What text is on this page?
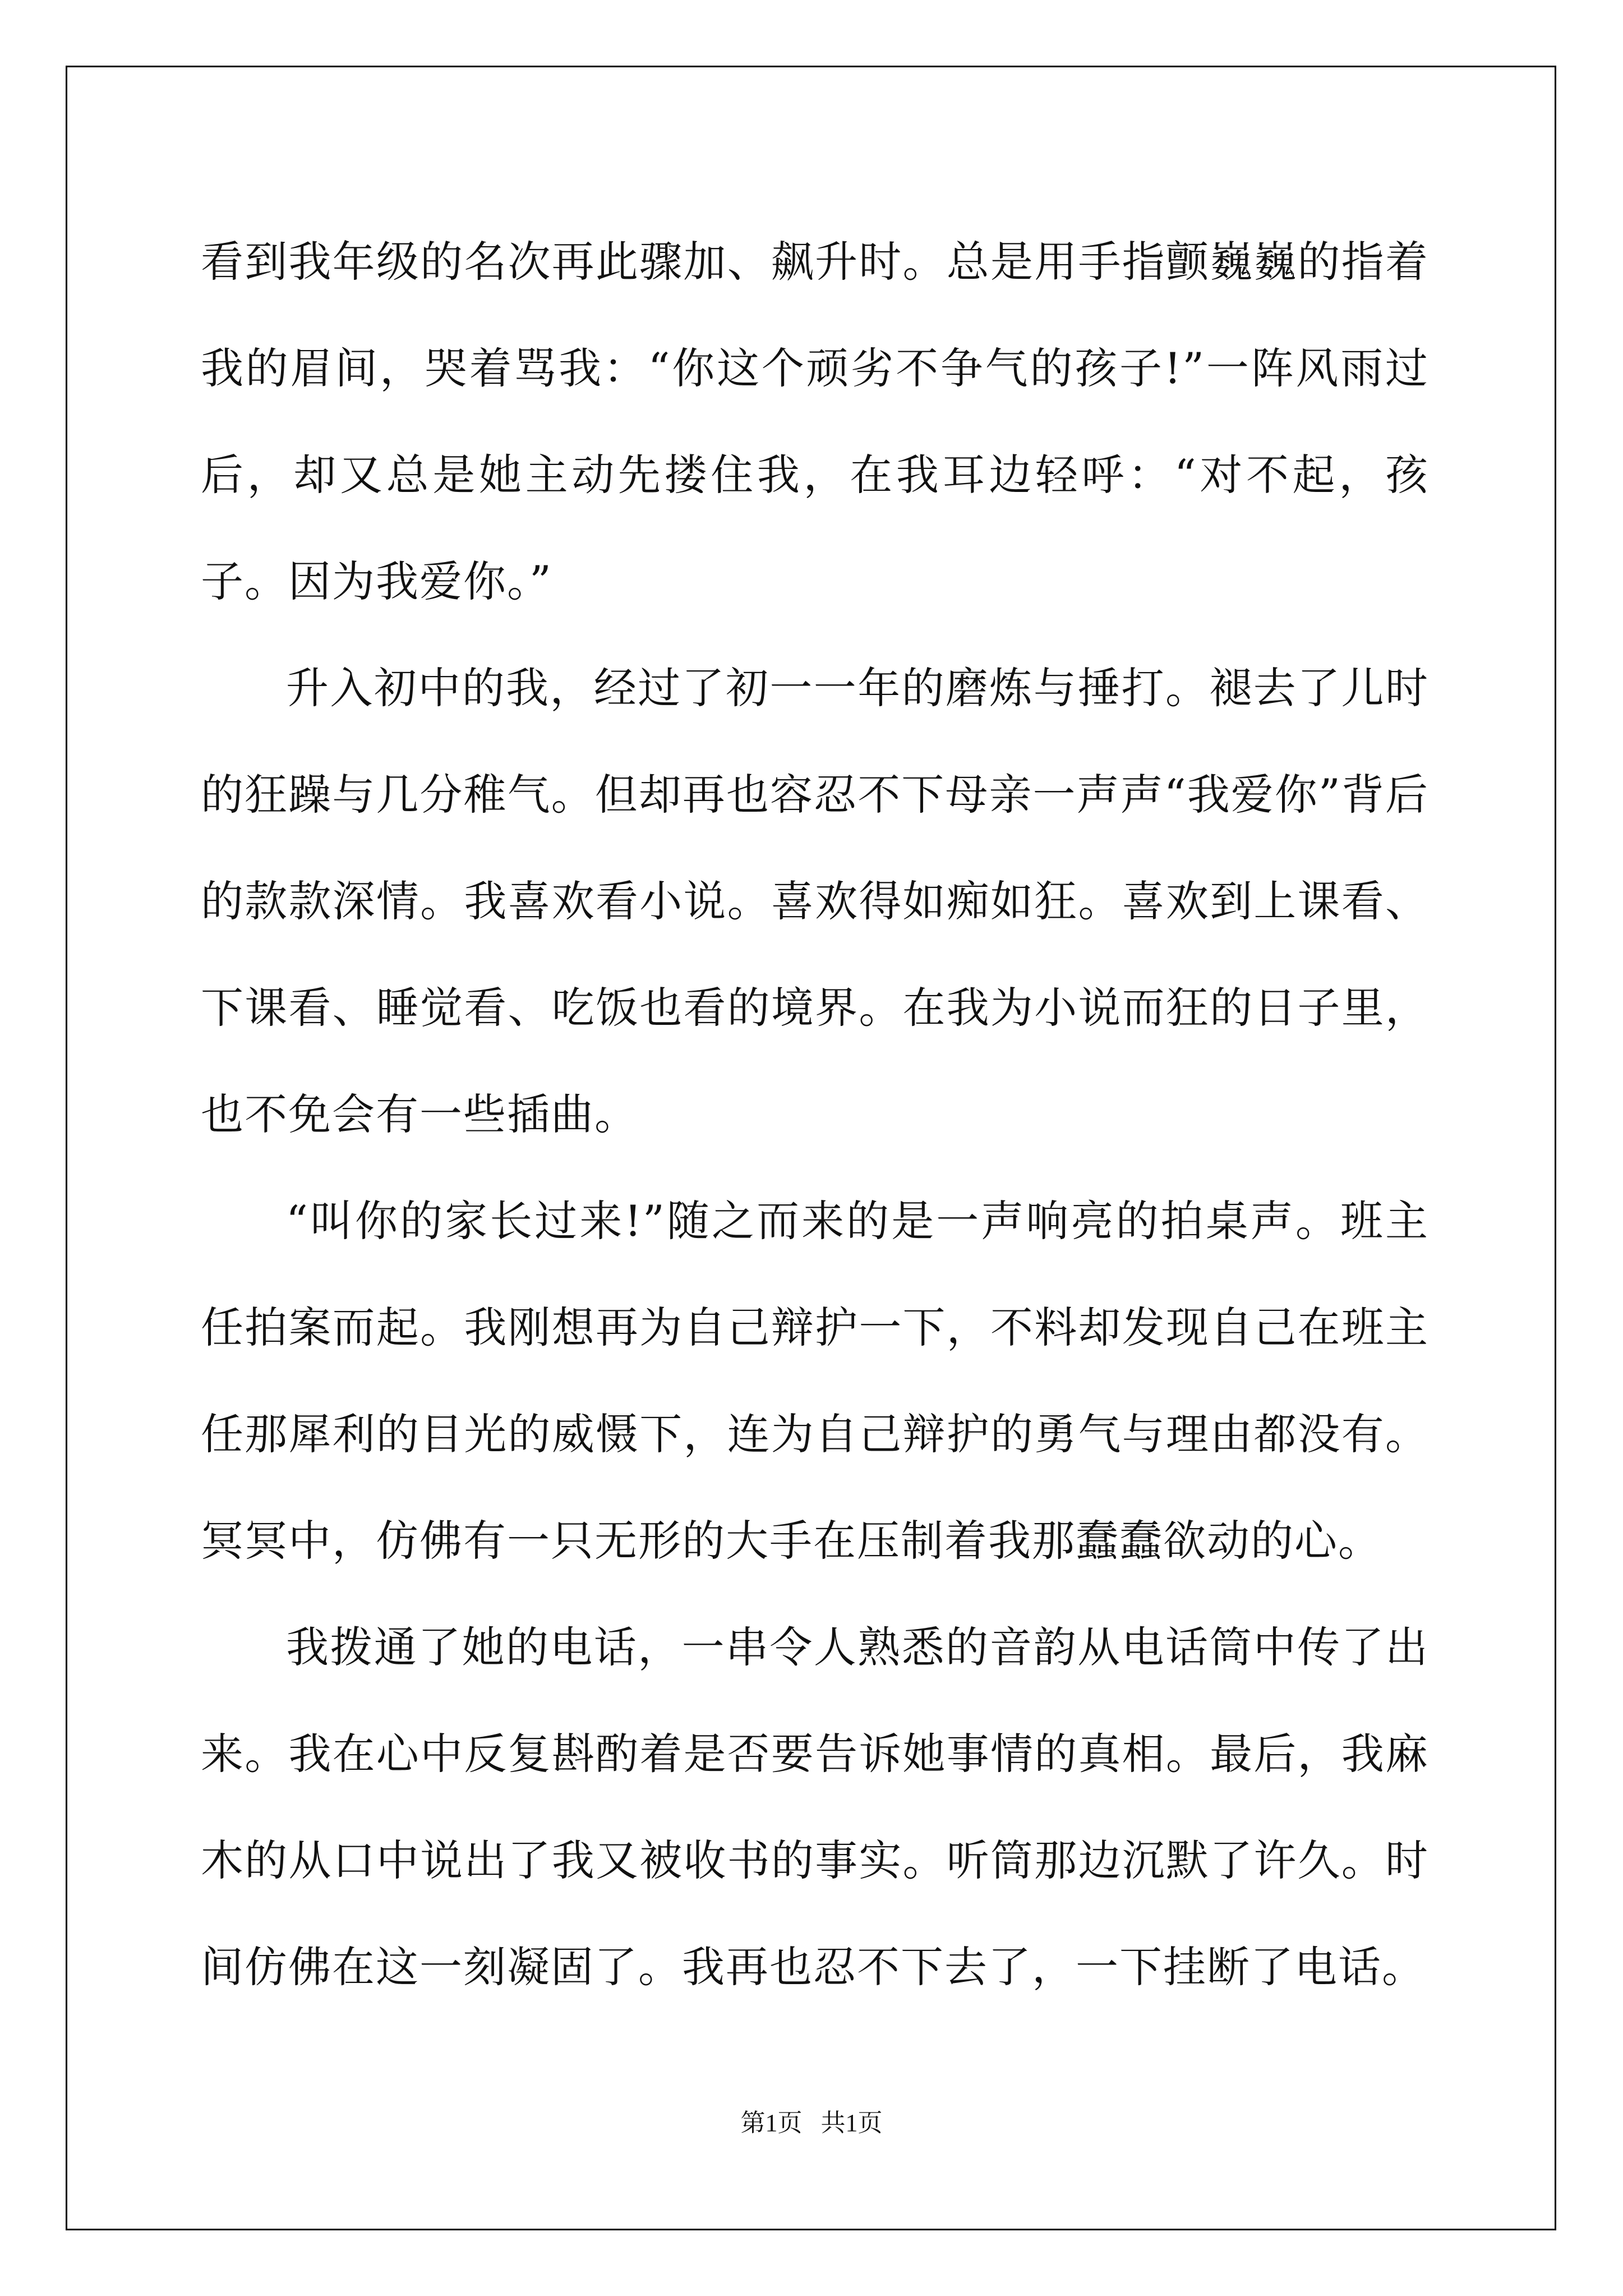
看到我年级的名次再此骤加、飙升时。总是用手指颤巍巍的指着我的眉间，哭着骂我：“你这个顽劣不争气的孩子!”一阵风雨过后，却又总是她主动先搂住我，在我耳边轻呼：“对不起，孩子。因为我爱你。”

升入初中的我，经过了初一一年的磨炼与捶打。褪去了儿时的狂躁与几分稚气。但却再也容忍不下母亲一声声“我爱你”背后的款款深情。我喜欢看小说。喜欢得如痴如狂。喜欢到上课看、下课看、睡觉看、吃饭也看的境界。在我为小说而狂的日子里，也不免会有一些插曲。

“叫你的家长过来!”随之而来的是一声响亮的拍桌声。班主任拍案而起。我刚想再为自己辩护一下，不料却发现自己在班主任那犀利的目光的威慑下，连为自己辩护的勇气与理由都没有。冥冥中，仿佛有一只无形的大手在压制着我那蠢蠢欲动的心。

我拨通了她的电话，一串令人熟悉的音韵从电话筒中传了出来。我在心中反复斟酌着是否要告诉她事情的真相。最后，我麻木的从口中说出了我又被收书的事实。听筒那边沉默了许久。时间仿佛在这一刻凝固了。我再也忍不下去了，一下挂断了电话。

第1页 共1页
